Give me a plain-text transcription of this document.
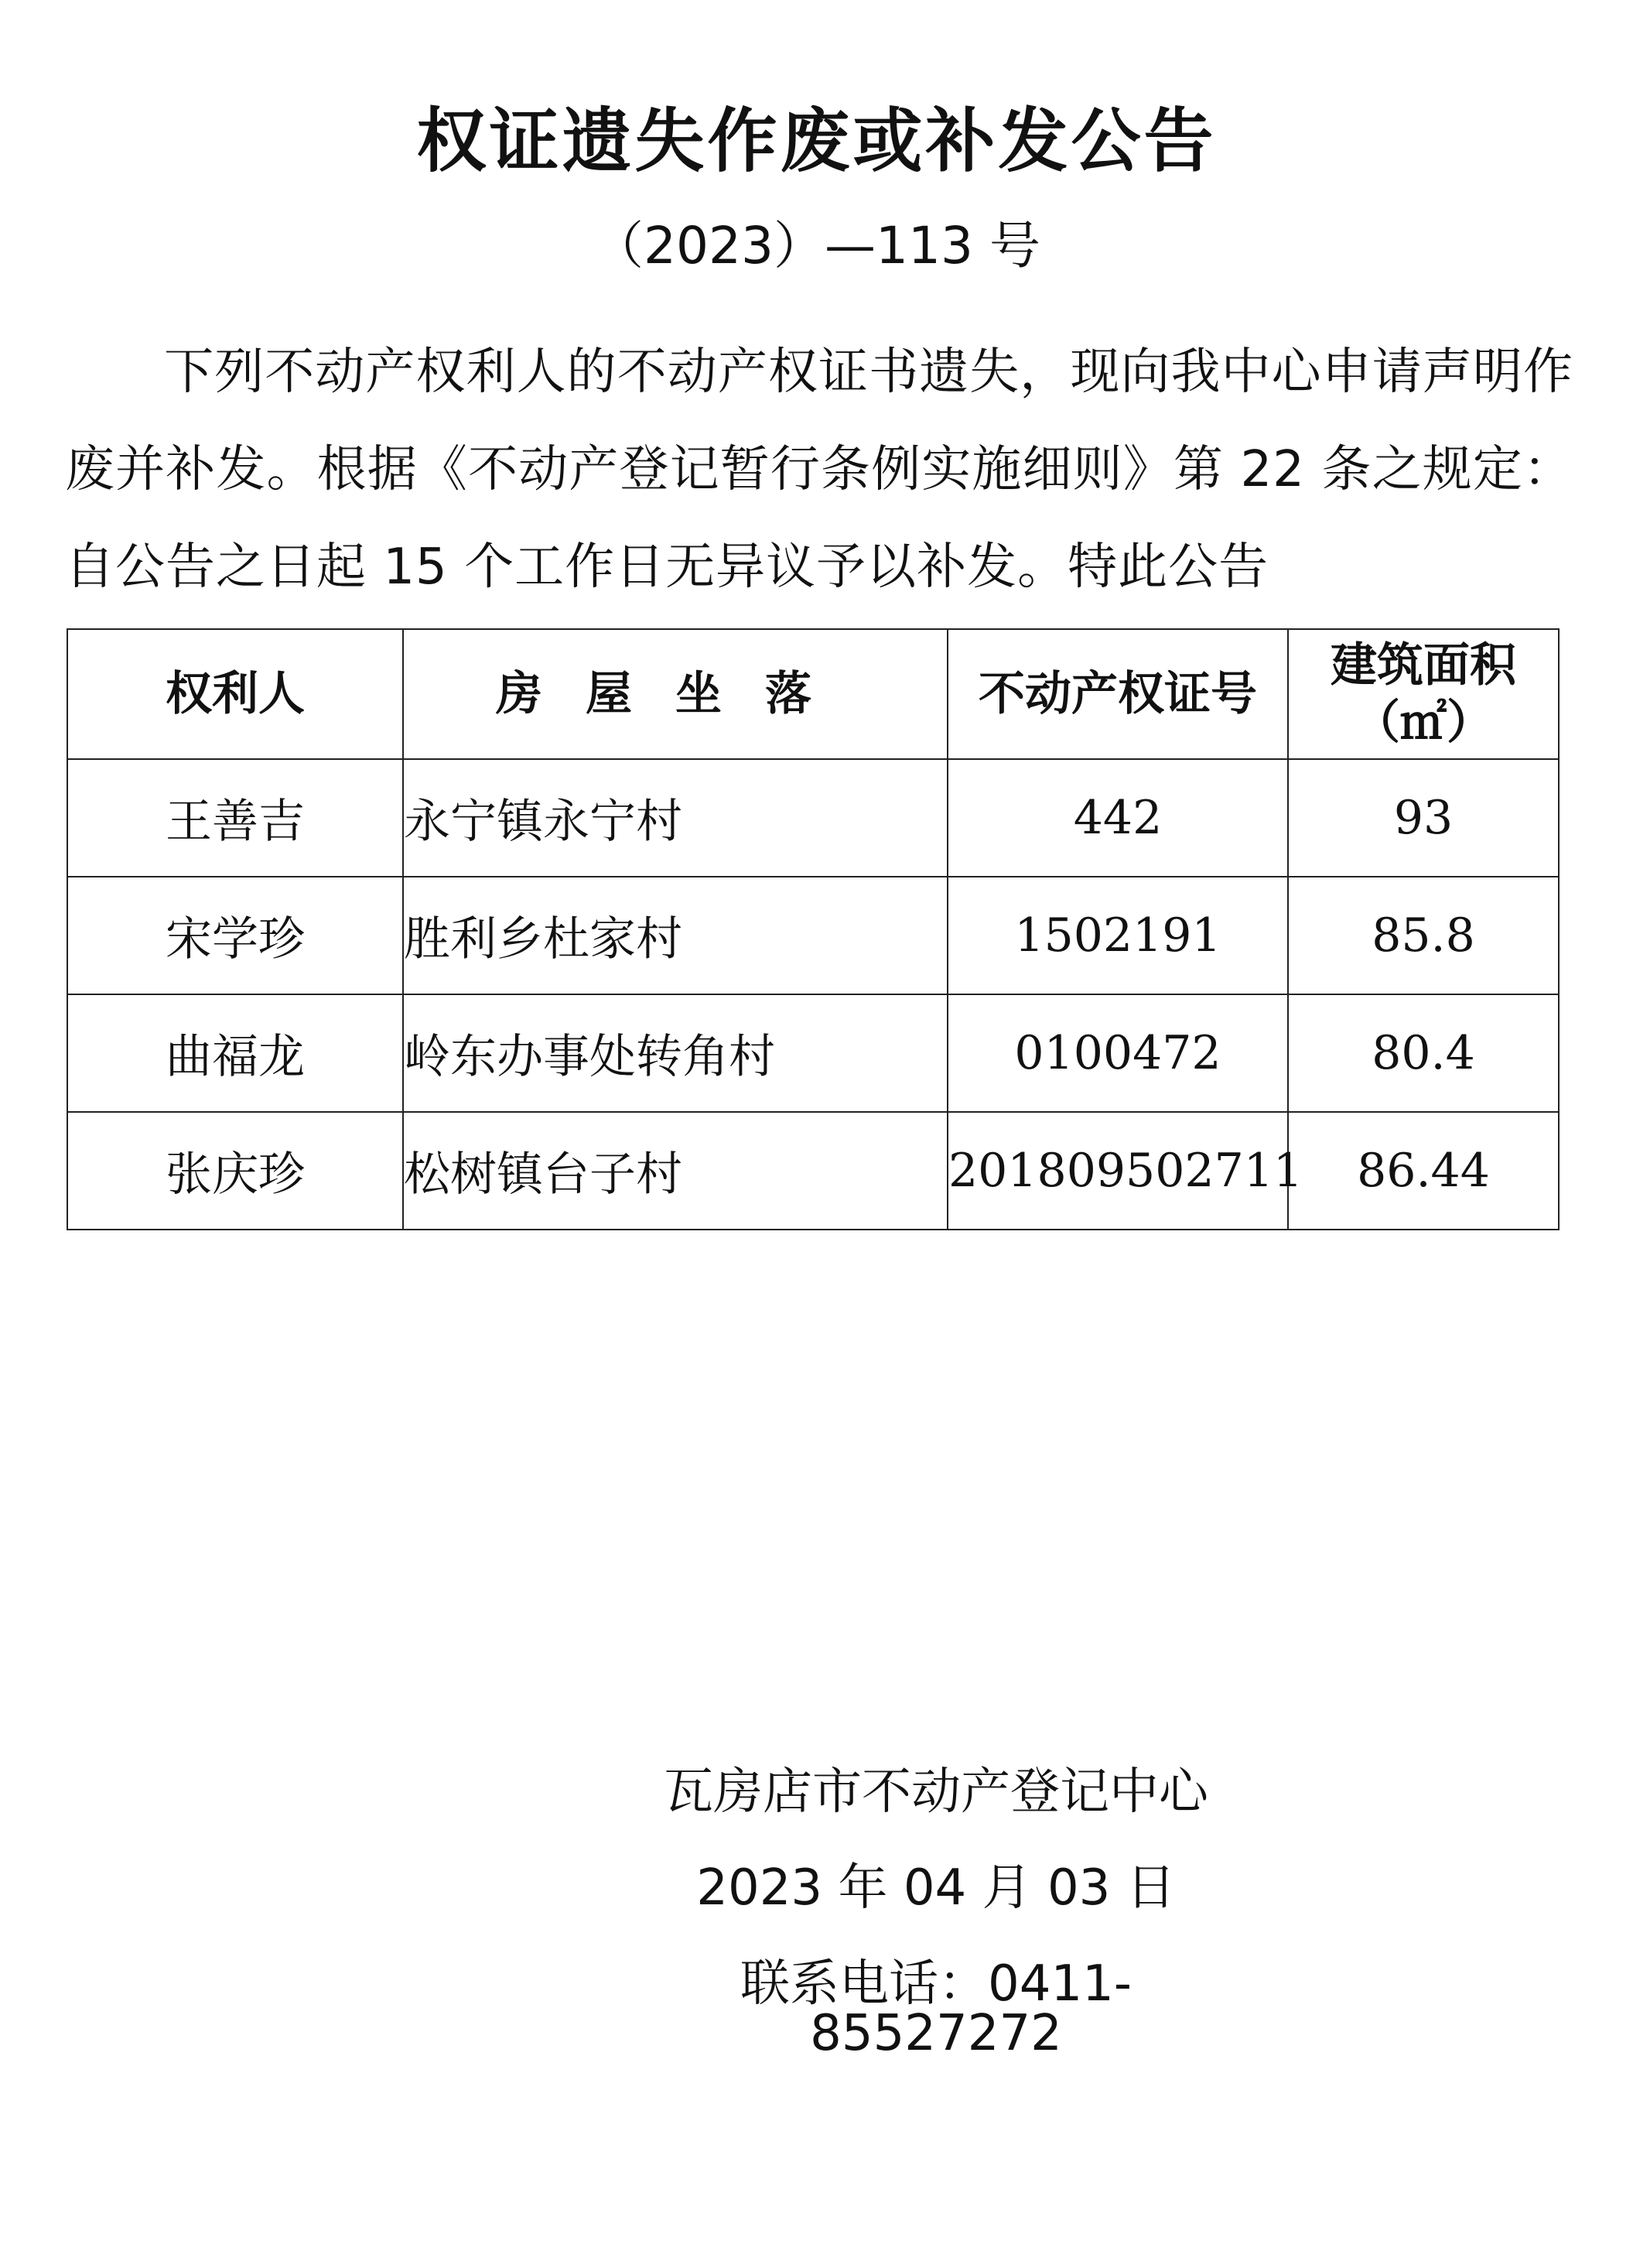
权证遗失作废或补发公告
（2023）—113 号
下列不动产权利人的不动产权证书遗失，现向我中心申请声明作废并补发。根据《不动产登记暂行条例实施细则》第 22 条之规定：自公告之日起 15 个工作日无异议予以补发。特此公告
权利人	房屋坐落	不动产权证号	建筑面积
（㎡）

王善吉	永宁镇永宁村	442	93
宋学珍	胜利乡杜家村	1502191	85.8
曲福龙	岭东办事处转角村	0100472	80.4
张庆珍	松树镇台子村	201809502711	86.44
瓦房店市不动产登记中心
2023 年 04 月 03 日
联系电话：0411-85527272
